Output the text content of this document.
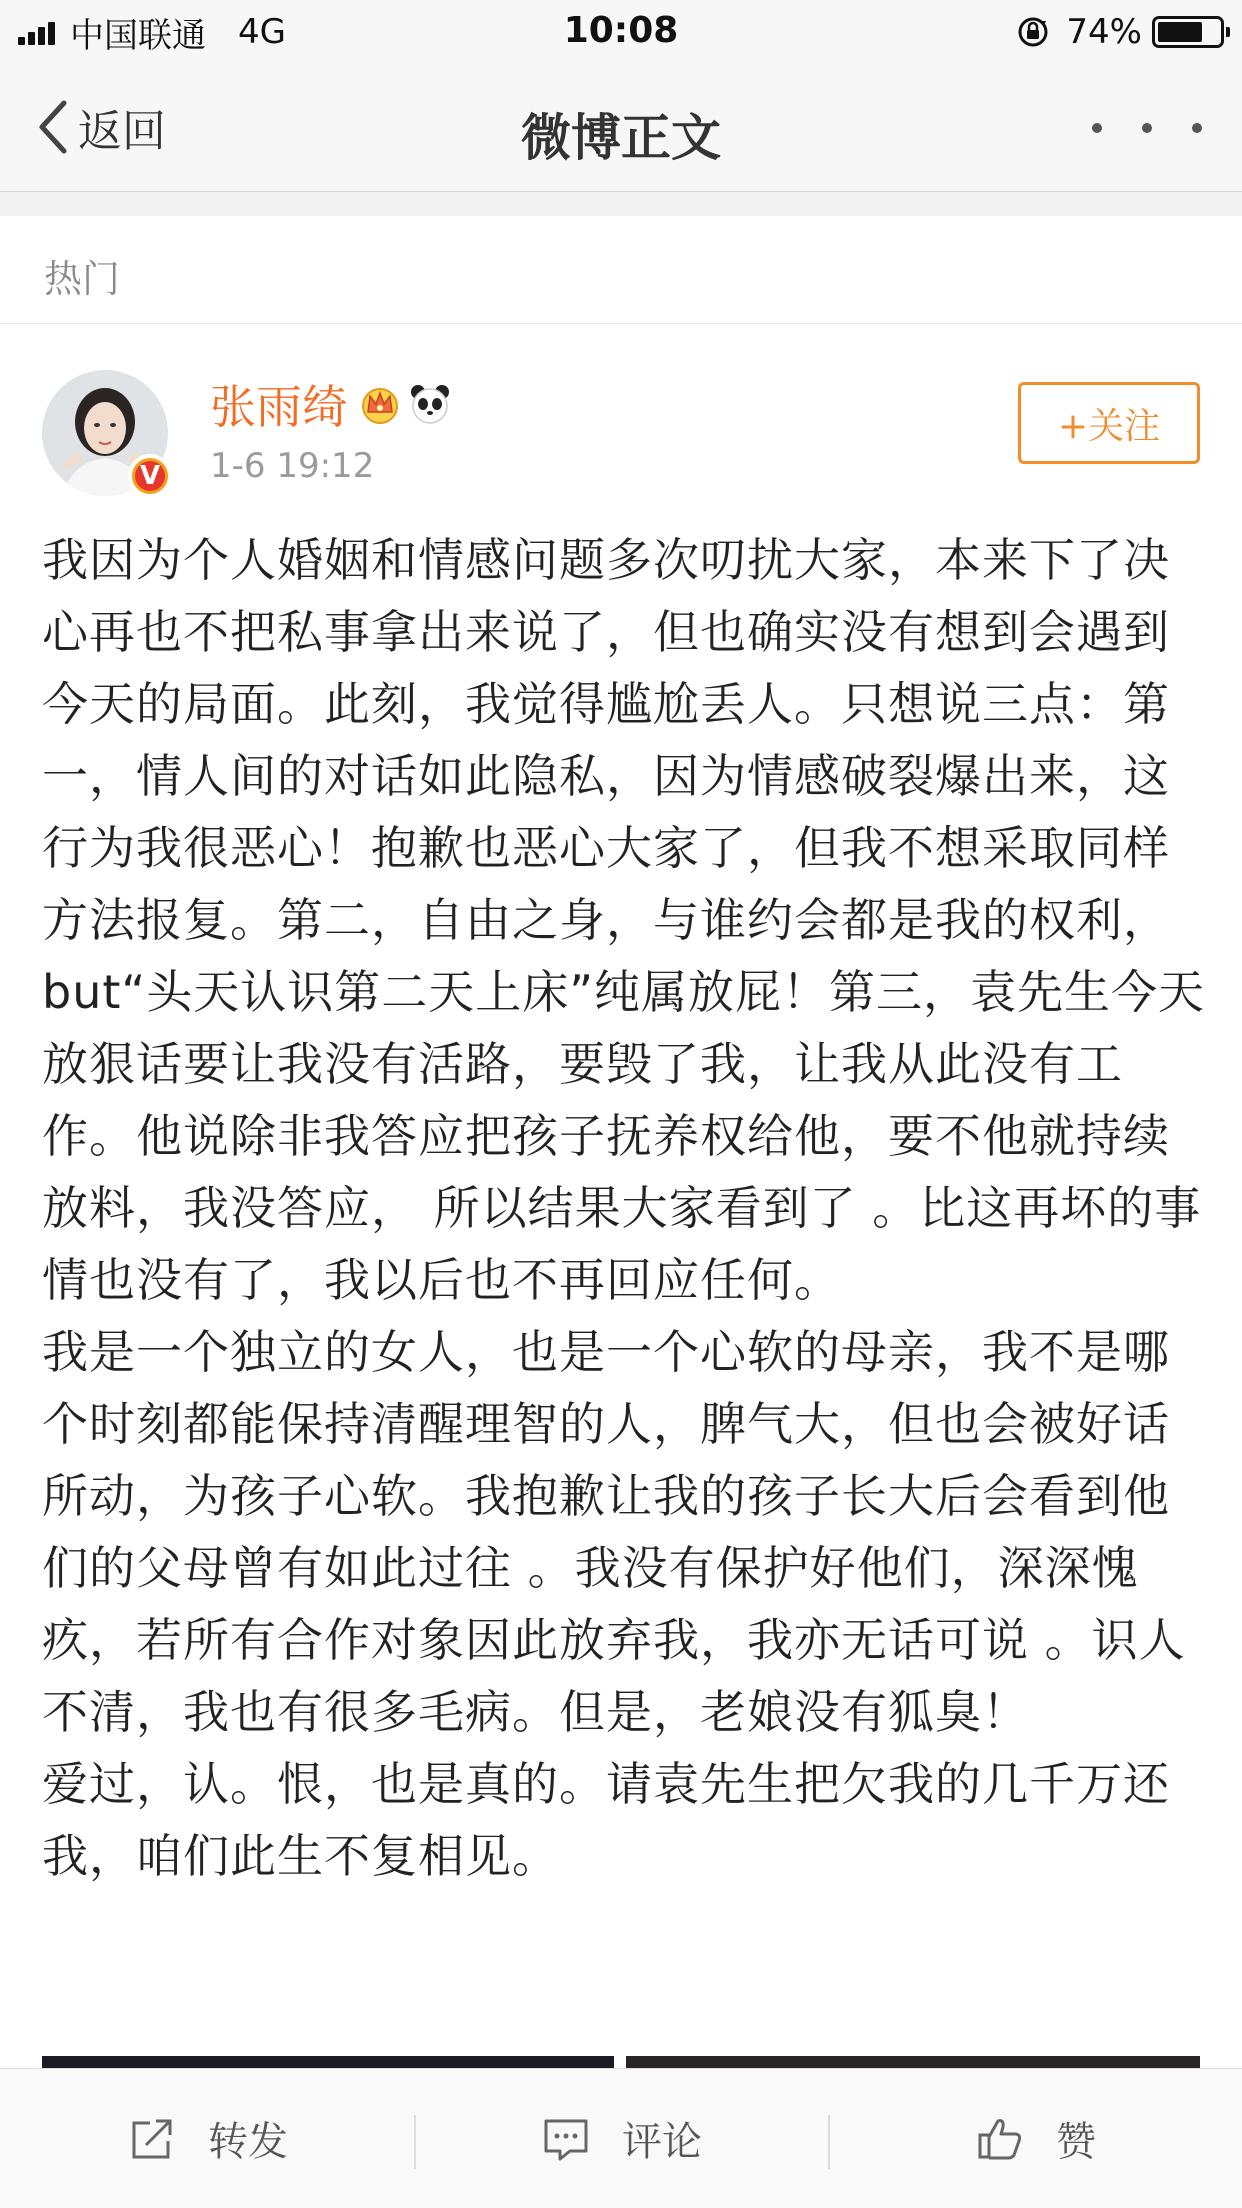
中国联通 4G	10:08	74%
返回	微博正文
热门
V
张雨绮
1-6 19:12
+关注

我因为个人婚姻和情感问题多次叨扰大家，本来下了决心再也不把私事拿出来说了，但也确实没有想到会遇到今天的局面。此刻，我觉得尴尬丢人。只想说三点：第一，情人间的对话如此隐私，因为情感破裂爆出来，这行为我很恶心！抱歉也恶心大家了，但我不想采取同样方法报复。第二，自由之身，与谁约会都是我的权利，but“头天认识第二天上床”纯属放屁！第三，袁先生今天放狠话要让我没有活路，要毁了我，让我从此没有工作。他说除非我答应把孩子抚养权给他，要不他就持续放料，我没答应， 所以结果大家看到了 。比这再坏的事情也没有了，我以后也不再回应任何。

我是一个独立的女人，也是一个心软的母亲，我不是哪个时刻都能保持清醒理智的人，脾气大，但也会被好话所动，为孩子心软。我抱歉让我的孩子长大后会看到他们的父母曾有如此过往 。我没有保护好他们，深深愧疚，若所有合作对象因此放弃我，我亦无话可说 。识人不清，我也有很多毛病。但是，老娘没有狐臭！

爱过，认。恨，也是真的。请袁先生把欠我的几千万还我，咱们此生不复相见。

转发	评论	赞
